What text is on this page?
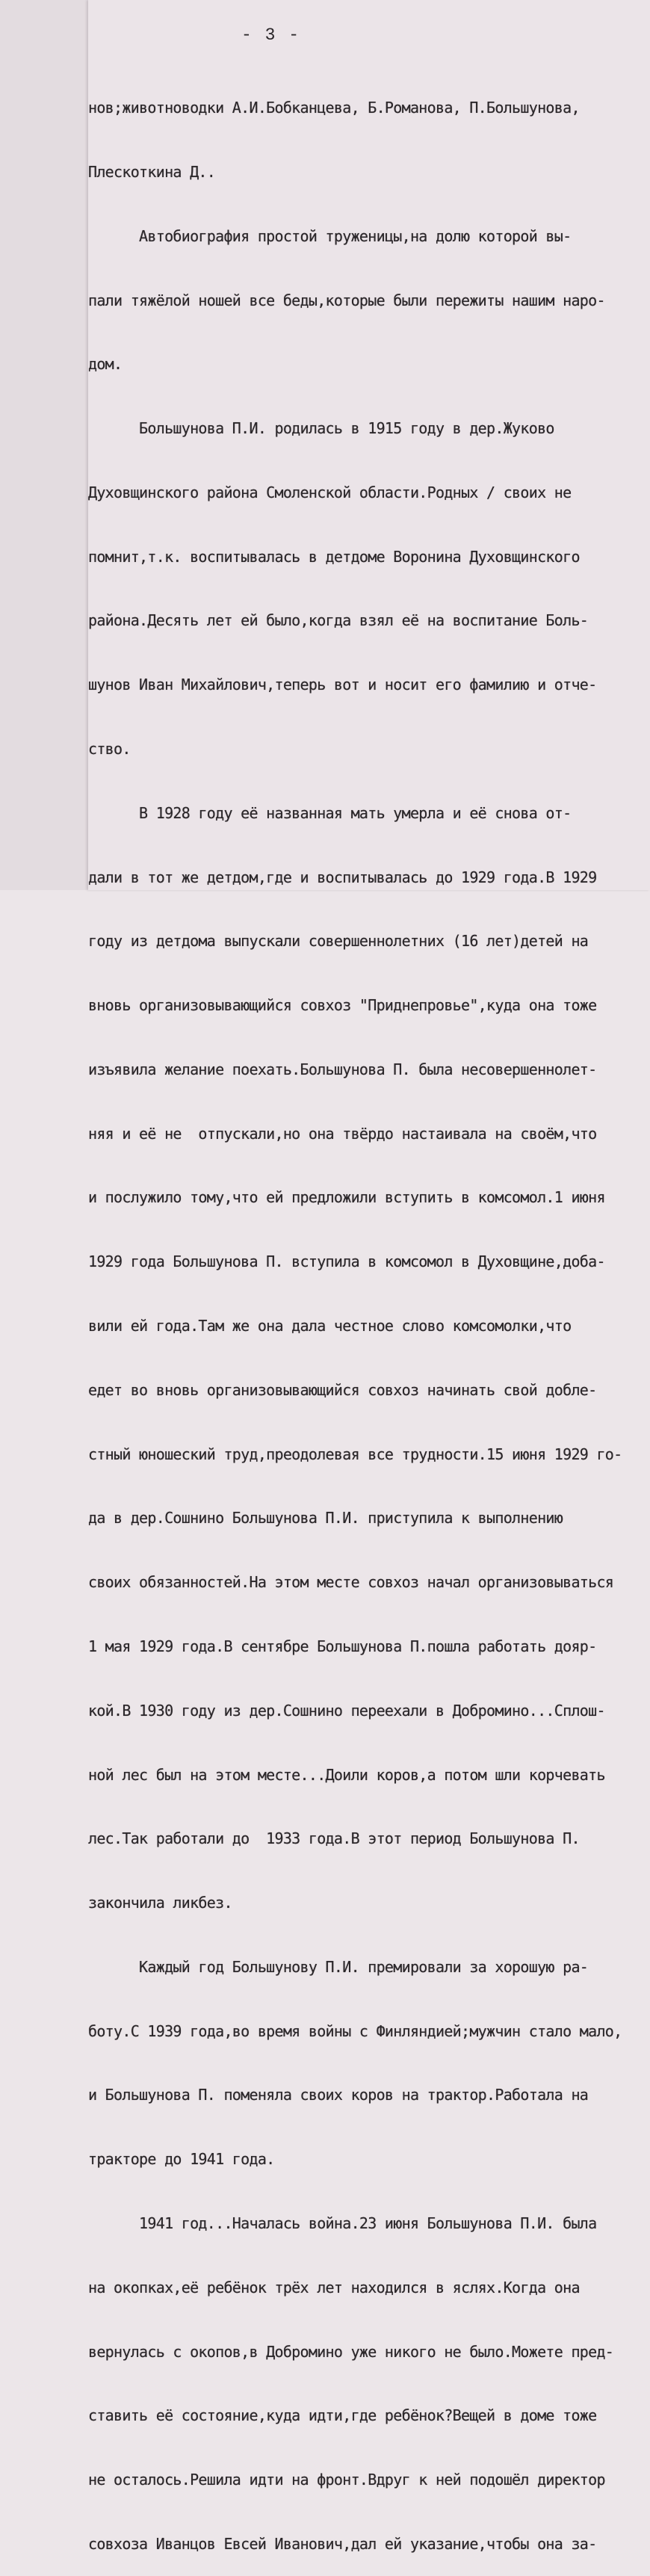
- 3 -

нов;животноводки А.И.Бобканцева, Б.Романова, П.Большунова,

Плескоткина Д..

Автобиография простой труженицы,на долю которой вы-

пали тяжёлой ношей все беды,которые были пережиты нашим наро-

дом.

Большунова П.И. родилась в 1915 году в дер.Жуково

Духовщинского района Смоленской области.Родных / своих не

помнит,т.к. воспитывалась в детдоме Воронина Духовщинского

района.Десять лет ей было,когда взял её на воспитание Боль-

шунов Иван Михайлович,теперь вот и носит его фамилию и отче-

ство.

В 1928 году её названная мать умерла и её снова от-

дали в тот же детдом,где и воспитывалась до 1929 года.В 1929

году из детдома выпускали совершеннолетних (16 лет)детей на

вновь организовывающийся совхоз "Приднепровье",куда она тоже

изъявила желание поехать.Большунова П. была несовершеннолет-

няя и её не  отпускали,но она твёрдо настаивала на своём,что

и послужило тому,что ей предложили вступить в комсомол.1 июня

1929 года Большунова П. вступила в комсомол в Духовщине,доба-

вили ей года.Там же она дала честное слово комсомолки,что

едет во вновь организовывающийся совхоз начинать свой добле-

стный юношеский труд,преодолевая все трудности.15 июня 1929 го-

да в дер.Сошнино Большунова П.И. приступила к выполнению

своих обязанностей.На этом месте совхоз начал организовываться

1 мая 1929 года.В сентябре Большунова П.пошла работать дояр-

кой.В 1930 году из дер.Сошнино переехали в Добромино...Сплош-

ной лес был на этом месте...Доили коров,а потом шли корчевать

лес.Так работали до  1933 года.В этот период Большунова П.

закончила ликбез.

Каждый год Большунову П.И. премировали за хорошую ра-

боту.С 1939 года,во время войны с Финляндией;мужчин стало мало,

и Большунова П. поменяла своих коров на трактор.Работала на

тракторе до 1941 года.

1941 год...Началась война.23 июня Большунова П.И. была

на окопках,её ребёнок трёх лет находился в яслях.Когда она

вернулась с окопов,в Добромино уже никого не было.Можете пред-

ставить её состояние,куда идти,где ребёнок?Вещей в доме тоже

не осталось.Решила идти на фронт.Вдруг к ней подошёл директор

совхоза Иванцов Евсей Иванович,дал ей указание,чтобы она за-
